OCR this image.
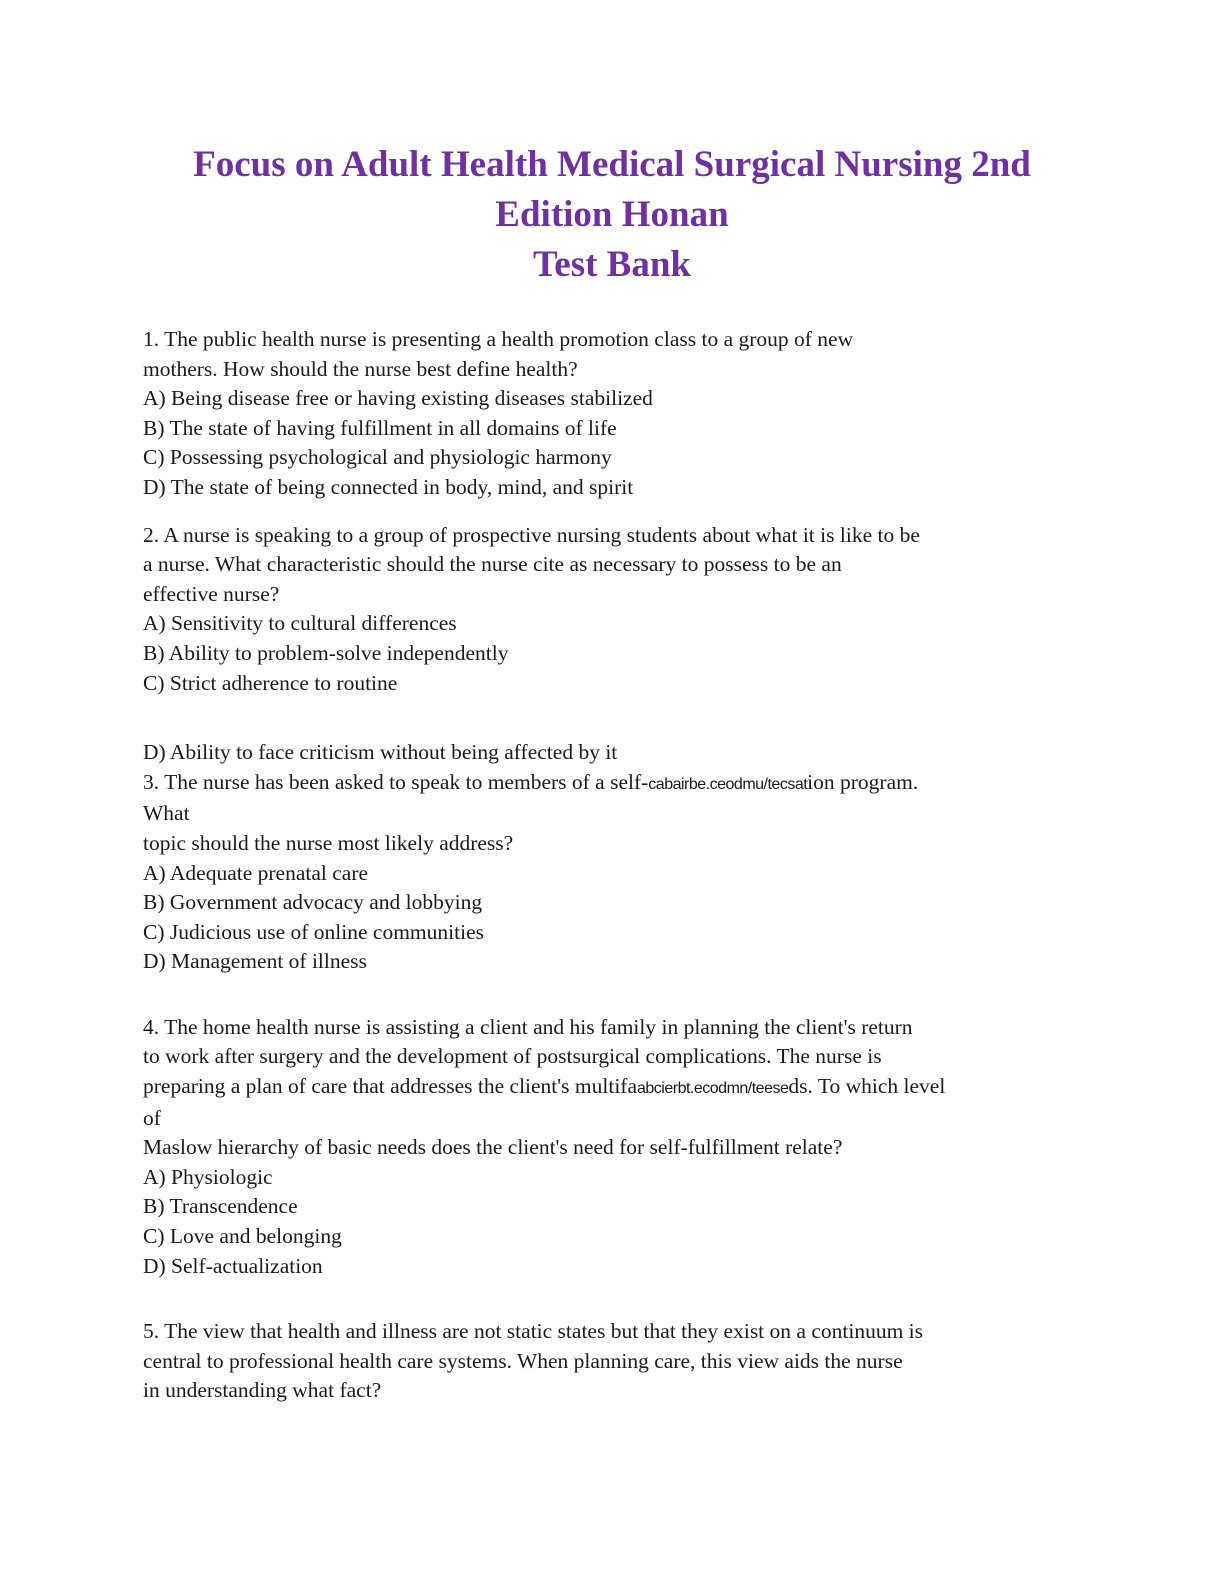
Focus on Adult Health Medical Surgical Nursing 2nd
Edition Honan
Test Bank
1. The public health nurse is presenting a health promotion class to a group of new
mothers. How should the nurse best define health?
A) Being disease free or having existing diseases stabilized
B) The state of having fulfillment in all domains of life
C) Possessing psychological and physiologic harmony
D) The state of being connected in body, mind, and spirit
2. A nurse is speaking to a group of prospective nursing students about what it is like to be
a nurse. What characteristic should the nurse cite as necessary to possess to be an
effective nurse?
A) Sensitivity to cultural differences
B) Ability to problem-solve independently
C) Strict adherence to routine
D) Ability to face criticism without being affected by it
3. The nurse has been asked to speak to members of a self-cabairbe.ceodmu/tecsation program.
What
topic should the nurse most likely address?
A) Adequate prenatal care
B) Government advocacy and lobbying
C) Judicious use of online communities
D) Management of illness
4. The home health nurse is assisting a client and his family in planning the client's return
to work after surgery and the development of postsurgical complications. The nurse is
preparing a plan of care that addresses the client's multifaabcierbt.ecodmn/teeseds. To which level
of
Maslow hierarchy of basic needs does the client's need for self-fulfillment relate?
A) Physiologic
B) Transcendence
C) Love and belonging
D) Self-actualization
5. The view that health and illness are not static states but that they exist on a continuum is
central to professional health care systems. When planning care, this view aids the nurse
in understanding what fact?
